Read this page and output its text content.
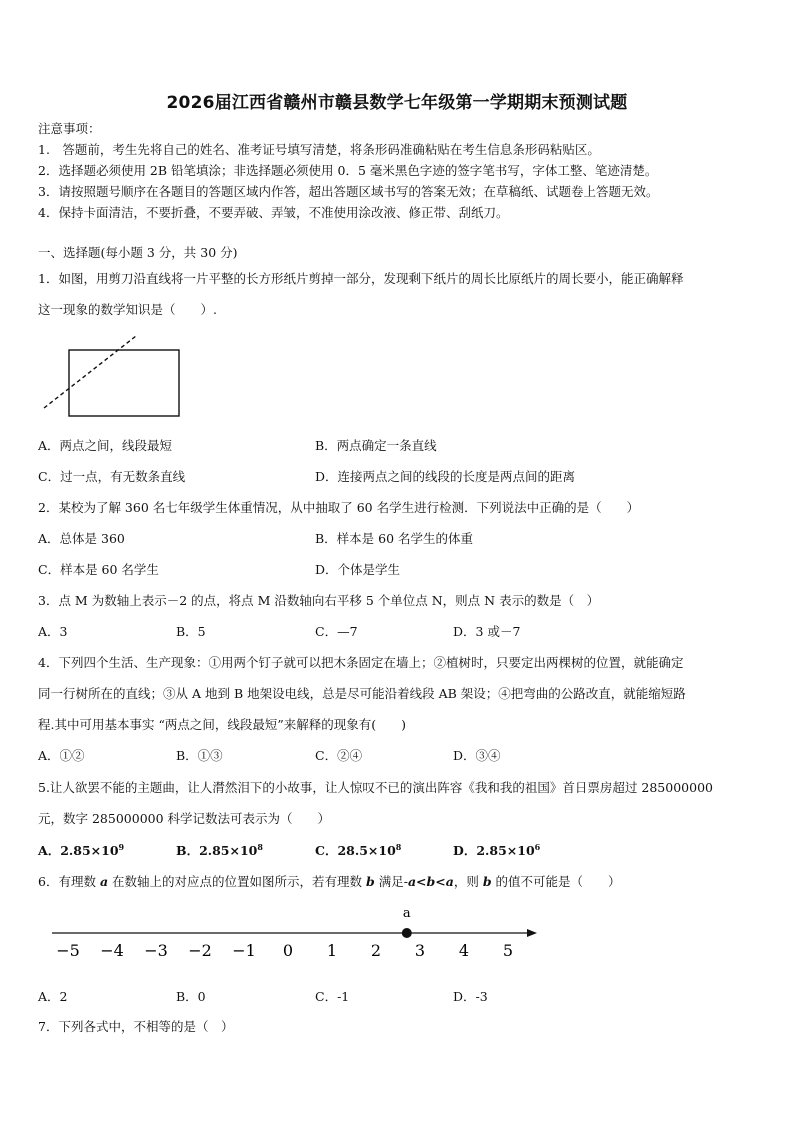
2026届江西省赣州市赣县数学七年级第一学期期末预测试题
注意事项：
1.　答题前，考生先将自己的姓名、准考证号填写清楚，将条形码准确粘贴在考生信息条形码粘贴区。
2．选择题必须使用 2B 铅笔填涂；非选择题必须使用 0．5 毫米黑色字迹的签字笔书写，字体工整、笔迹清楚。
3．请按照题号顺序在各题目的答题区域内作答，超出答题区域书写的答案无效；在草稿纸、试题卷上答题无效。
4．保持卡面清洁，不要折叠，不要弄破、弄皱，不准使用涂改液、修正带、刮纸刀。
一、选择题(每小题 3 分，共 30 分)
1．如图，用剪刀沿直线将一片平整的长方形纸片剪掉一部分，发现剩下纸片的周长比原纸片的周长要小，能正确解释
这一现象的数学知识是（　　）.
A．两点之间，线段最短	B．两点确定一条直线
C．过一点，有无数条直线	D．连接两点之间的线段的长度是两点间的距离
2．某校为了解 360 名七年级学生体重情况，从中抽取了 60 名学生进行检测．下列说法中正确的是（　　）
A．总体是 360	B．样本是 60 名学生的体重
C．样本是 60 名学生	D．个体是学生
3．点 M 为数轴上表示－2 的点，将点 M 沿数轴向右平移 5 个单位点 N，则点 N 表示的数是（　）
A．3	B．5	C．—7	D．3 或－7
4．下列四个生活、生产现象：①用两个钉子就可以把木条固定在墙上；②植树时，只要定出两棵树的位置，就能确定
同一行树所在的直线；③从 A 地到 B 地架设电线，总是尽可能沿着线段 AB 架设；④把弯曲的公路改直，就能缩短路
程.其中可用基本事实 “两点之间，线段最短”来解释的现象有(　　)
A．①②	B．①③	C．②④	D．③④
5.让人欲罢不能的主题曲，让人潸然泪下的小故事，让人惊叹不已的演出阵容《我和我的祖国》首日票房超过 285000000
元，数字 285000000 科学记数法可表示为（　　）
A．$2.85\times 10^9$	B．$2.85\times 10^8$	C．$28.5\times 10^8$	D．$2.85\times 10^6$
6．有理数 a 在数轴上的对应点的位置如图所示，若有理数 b 满足-a<b<a，则 b 的值不可能是（　　）
−5 −4 −3 −2 −1 0 1 2 3 4 5
a
A．2	B．0	C．-1	D．-3
7．下列各式中，不相等的是（　）
